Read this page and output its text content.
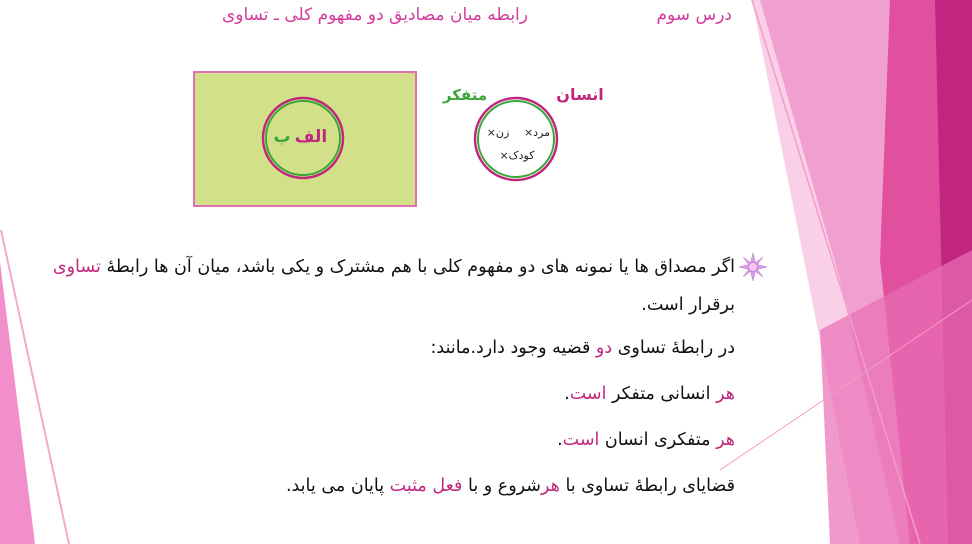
درس سوم
رابطه میان مصادیق دو مفهوم کلی ـ تساوی
الف
ب
انسان
متفکر
مرد×
زن×
کودک×

اگر مصداق ها یا نمونه های دو مفهوم کلی با هم مشترک و یکی باشد، میان آن ها رابطۀ تساوی برقرار است.

در رابطۀ تساوی دو قضیه وجود دارد.مانند:

هر انسانی متفکر است.

هر متفکری انسان است.

قضایای رابطۀ تساوی با هرشروع و با فعل مثبت پایان می یابد.
